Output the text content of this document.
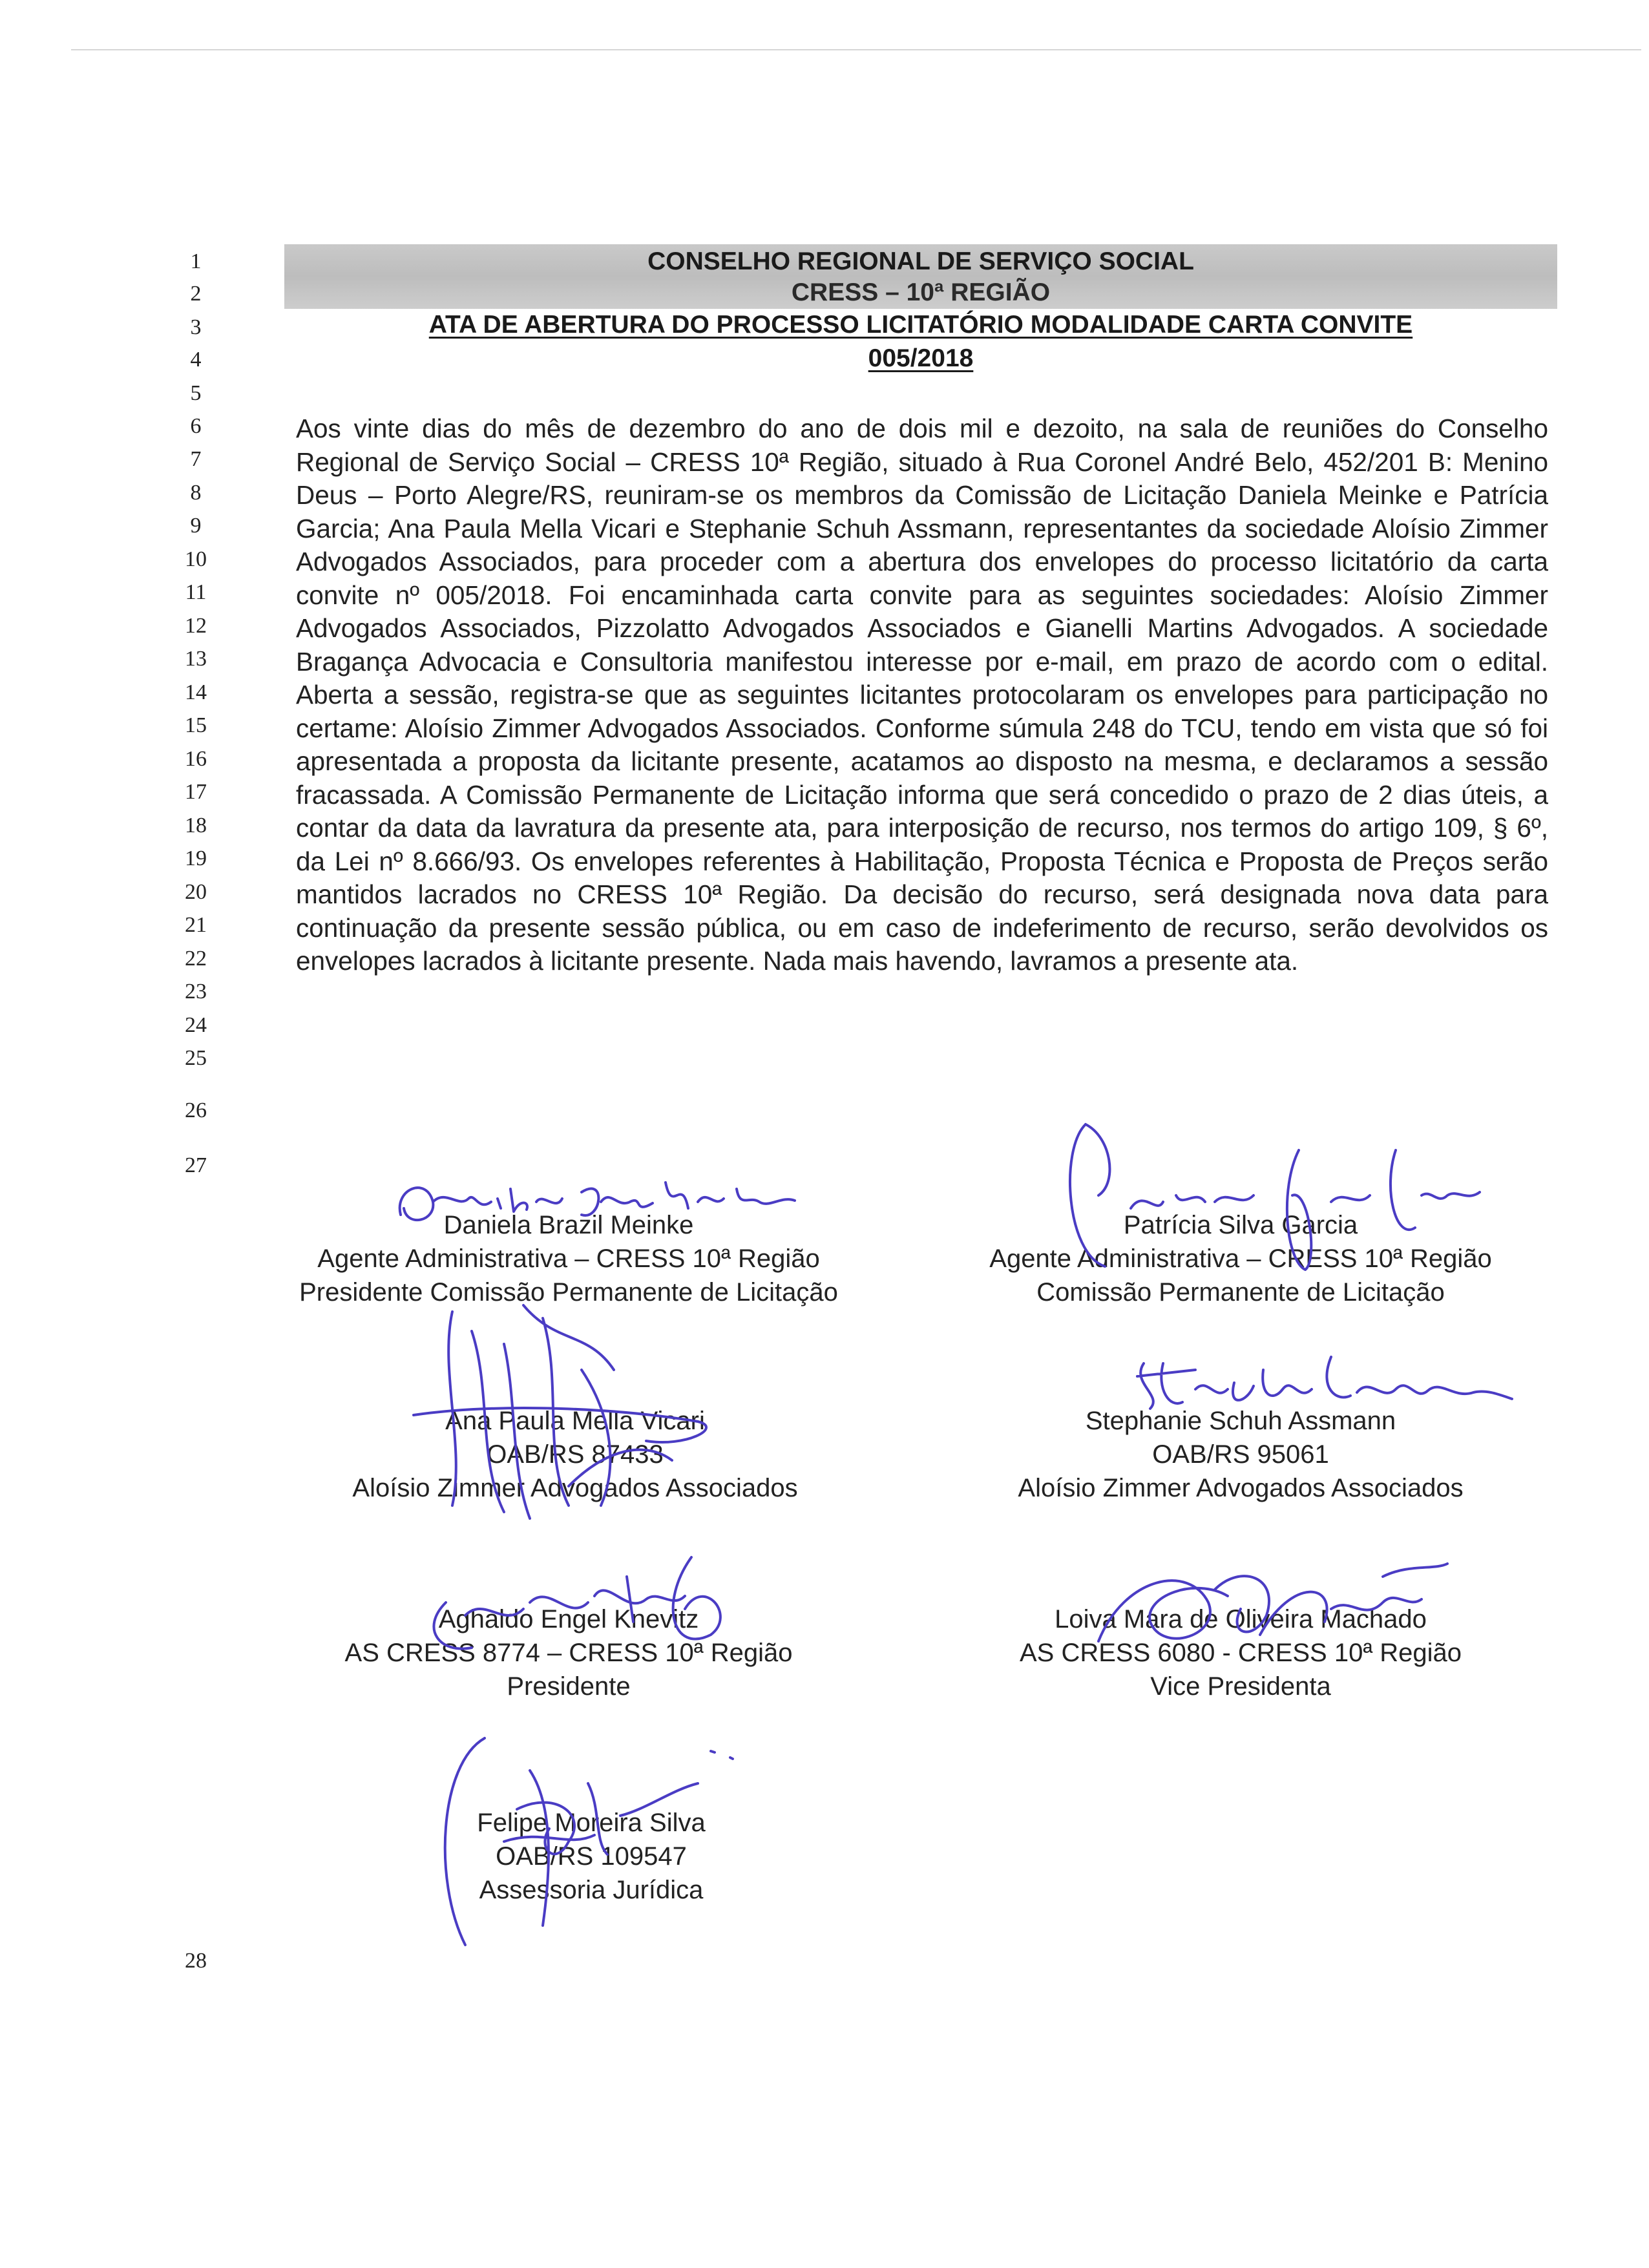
1
2
3
4
5
6
7
8
9
10
11
12
13
14
15
16
17
18
19
20
21
22
23
24
25
26
27
28
CONSELHO REGIONAL DE SERVIÇO SOCIAL
CRESS – 10ª REGIÃO
ATA DE ABERTURA DO PROCESSO LICITATÓRIO MODALIDADE CARTA CONVITE
005/2018
Aos vinte dias do mês de dezembro do ano de dois mil e dezoito, na sala de reuniões do Conselho Regional de Serviço Social – CRESS 10ª Região, situado à Rua Coronel André Belo, 452/201 B: Menino Deus – Porto Alegre/RS, reuniram-se os membros da Comissão de Licitação Daniela Meinke e Patrícia Garcia; Ana Paula Mella Vicari e Stephanie Schuh Assmann, representantes da sociedade Aloísio Zimmer Advogados Associados, para proceder com a abertura dos envelopes do processo licitatório da carta convite nº 005/2018. Foi encaminhada carta convite para as seguintes sociedades: Aloísio Zimmer Advogados Associados, Pizzolatto Advogados Associados e Gianelli Martins Advogados. A sociedade Bragança Advocacia e Consultoria manifestou interesse por e-mail, em prazo de acordo com o edital. Aberta a sessão, registra-se que as seguintes licitantes protocolaram os envelopes para participação no certame: Aloísio Zimmer Advogados Associados. Conforme súmula 248 do TCU, tendo em vista que só foi apresentada a proposta da licitante presente, acatamos ao disposto na mesma, e declaramos a sessão fracassada. A Comissão Permanente de Licitação informa que será concedido o prazo de 2 dias úteis, a contar da data da lavratura da presente ata, para interposição de recurso, nos termos do artigo 109, § 6º, da Lei nº 8.666/93. Os envelopes referentes à Habilitação, Proposta Técnica e Proposta de Preços serão mantidos lacrados no CRESS 10ª Região. Da decisão do recurso, será designada nova data para continuação da presente sessão pública, ou em caso de indeferimento de recurso, serão devolvidos os envelopes lacrados à licitante presente. Nada mais havendo, lavramos a presente ata.
Daniela Brazil Meinke
Agente Administrativa – CRESS 10ª Região
Presidente Comissão Permanente de Licitação
Patrícia Silva Garcia
Agente Administrativa – CRESS 10ª Região
Comissão Permanente de Licitação
Ana Paula Mella Vicari
OAB/RS 87433
Aloísio Zimmer Advogados Associados
Stephanie Schuh Assmann
OAB/RS 95061
Aloísio Zimmer Advogados Associados
Aghaldo Engel Knevitz
AS CRESS 8774 – CRESS 10ª Região
Presidente
Loiva Mara de Oliveira Machado
AS CRESS 6080 - CRESS 10ª Região
Vice Presidenta
Felipe Moreira Silva
OAB/RS 109547
Assessoria Jurídica
